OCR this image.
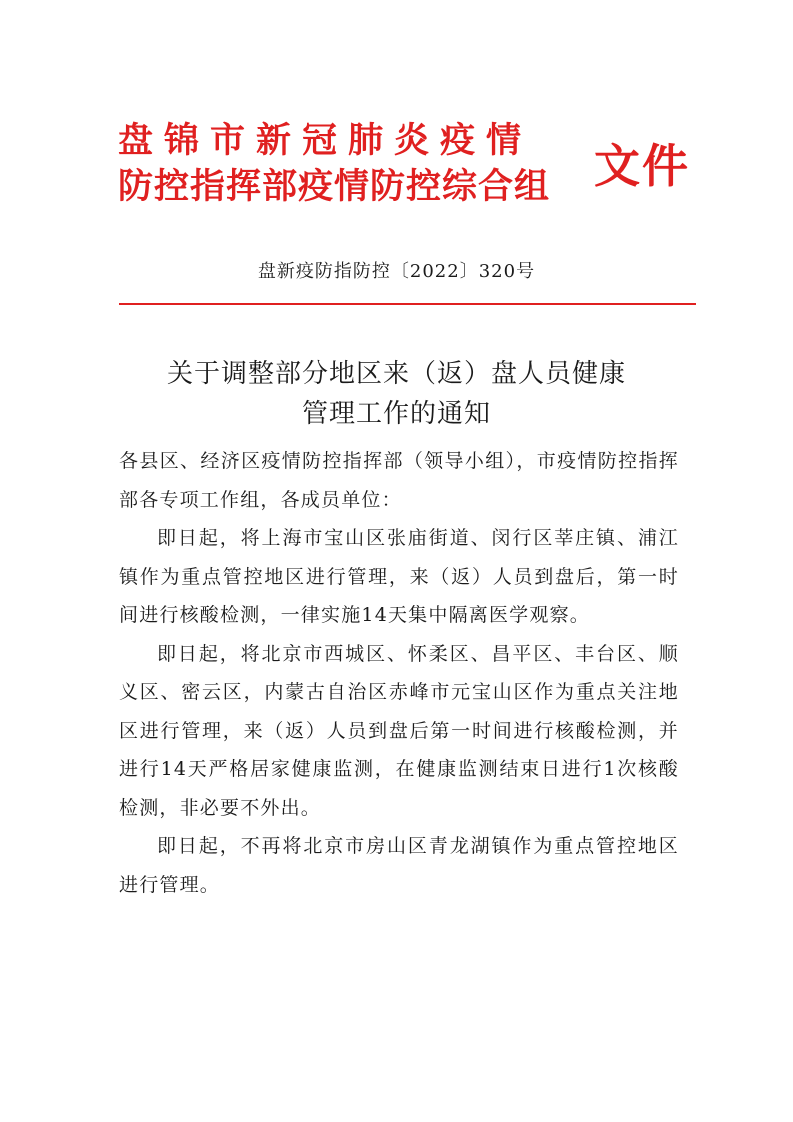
盘锦市新冠肺炎疫情
防控指挥部疫情防控综合组 文件
盘新疫防指防控〔2022〕320号
关于调整部分地区来（返）盘人员健康
管理工作的通知

各县区、经济区疫情防控指挥部（领导小组），市疫情防控指挥部各专项工作组，各成员单位：

即日起，将上海市宝山区张庙街道、闵行区莘庄镇、浦江镇作为重点管控地区进行管理，来（返）人员到盘后，第一时间进行核酸检测，一律实施14天集中隔离医学观察。

即日起，将北京市西城区、怀柔区、昌平区、丰台区、顺义区、密云区，内蒙古自治区赤峰市元宝山区作为重点关注地区进行管理，来（返）人员到盘后第一时间进行核酸检测，并进行14天严格居家健康监测，在健康监测结束日进行1次核酸检测，非必要不外出。

即日起，不再将北京市房山区青龙湖镇作为重点管控地区进行管理。
